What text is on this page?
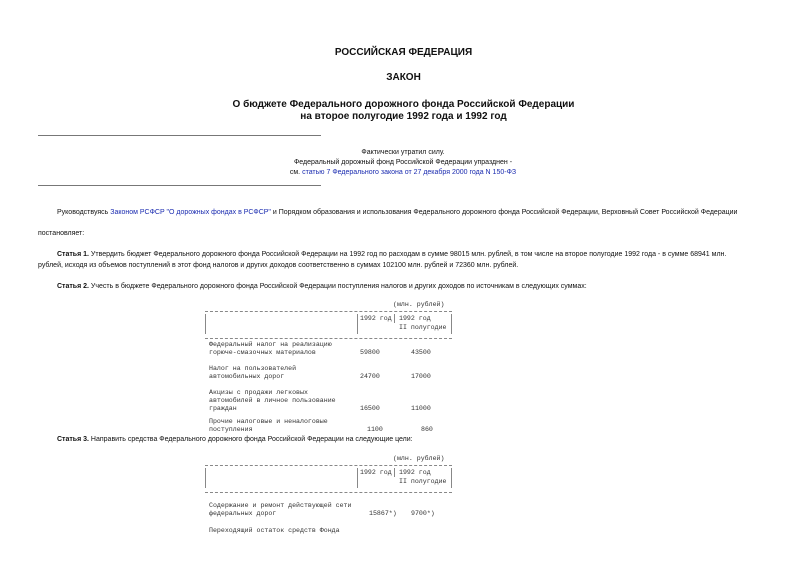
РОССИЙСКАЯ ФЕДЕРАЦИЯ
ЗАКОН
О бюджете Федерального дорожного фонда Российской Федерации
на второе полугодие 1992 года и 1992 год
Фактически утратил силу.
Федеральный дорожный фонд Российской Федерации упразднен -
см. статью 7 Федерального закона от 27 декабря 2000 года N 150-ФЗ
Руководствуясь Законом РСФСР "О дорожных фондах в РСФСР" и Порядком образования и использования Федерального дорожного фонда Российской Федерации, Верховный Совет Российской Федерации
постановляет:
Статья 1. Утвердить бюджет Федерального дорожного фонда Российской Федерации на 1992 год по расходам в сумме 98015 млн. рублей, в том числе на второе полугодие 1992 года - в сумме 68941 млн.
рублей, исходя из объемов поступлений в этот фонд налогов и других доходов соответственно в суммах 102100 млн. рублей и 72360 млн. рублей.
Статья 2. Учесть в бюджете Федерального дорожного фонда Российской Федерации поступления налогов и других доходов по источникам в следующих суммах:
(млн. рублей)
1992 год 1992 год
II полугодие
Федеральный налог на реализацию
горюче-смазочных материалов	59800	43500
Налог на пользователей
автомобильных дорог	24700	17000
Акцизы с продажи легковых
автомобилей в личное пользование
граждан	16500	11000
Прочие налоговые и неналоговые
поступления	1100	860
Статья 3. Направить средства Федерального дорожного фонда Российской Федерации на следующие цели:
(млн. рублей)
1992 год 1992 год
II полугодие
Содержание и ремонт действующей сети
федеральных дорог	15867*) 9700*)
Переходящий остаток средств Фонда
